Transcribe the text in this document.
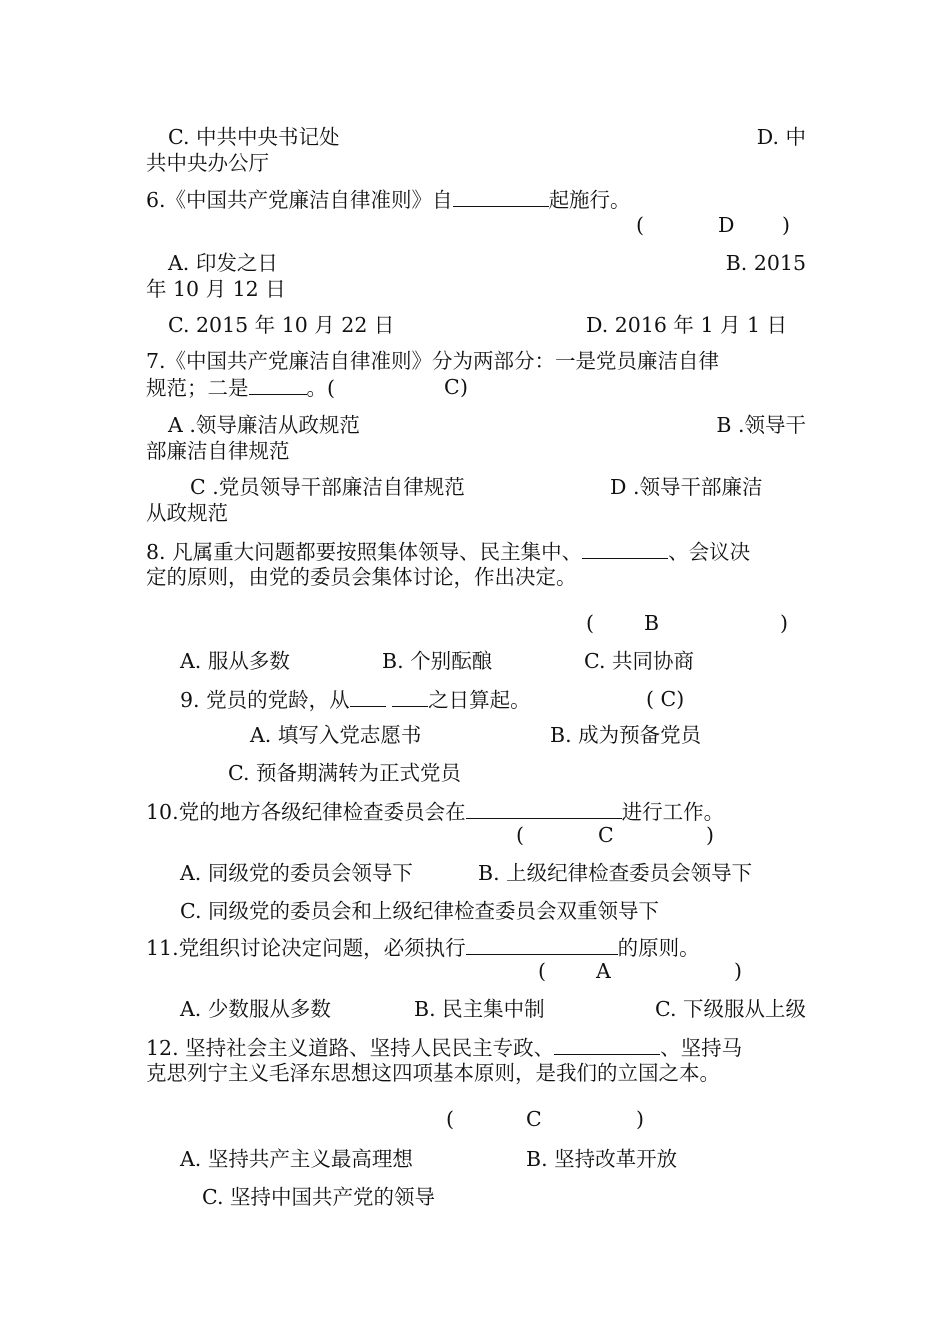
C. 中共中央书记处	D. 中
共中央办公厅
6.《中国共产党廉洁自律准则》自	起施行。
(	D )
A. 印发之日	B. 2015
年 10 月 12 日
C. 2015 年 10 月 22 日	D. 2016 年 1 月 1 日
7.《中国共产党廉洁自律准则》分为两部分：一是党员廉洁自律
规范；二是	。(	C )
A .领导廉洁从政规范	B .领导干
部廉洁自律规范
C .党员领导干部廉洁自律规范	D .领导干部廉洁
从政规范
8. 凡属重大问题都要按照集体领导、民主集中、	、会议决
定的原则，由党的委员会集体讨论，作出决定。
( B	)
A. 服从多数	B. 个别酝酿	C. 共同协商
9. 党员的党龄，从	之日算起。	( C)
A. 填写入党志愿书	B. 成为预备党员
C. 预备期满转为正式党员
10.党的地方各级纪律检查委员会在	进行工作。
(	C	)
A. 同级党的委员会领导下	B. 上级纪律检查委员会领导下
C. 同级党的委员会和上级纪律检查委员会双重领导下
11.党组织讨论决定问题，必须执行	的原则。
( A	)
A. 少数服从多数	B. 民主集中制	C. 下级服从上级
12. 坚持社会主义道路、坚持人民民主专政、	、坚持马
克思列宁主义毛泽东思想这四项基本原则，是我们的立国之本。
(	C	)
A. 坚持共产主义最高理想	B. 坚持改革开放
C. 坚持中国共产党的领导
